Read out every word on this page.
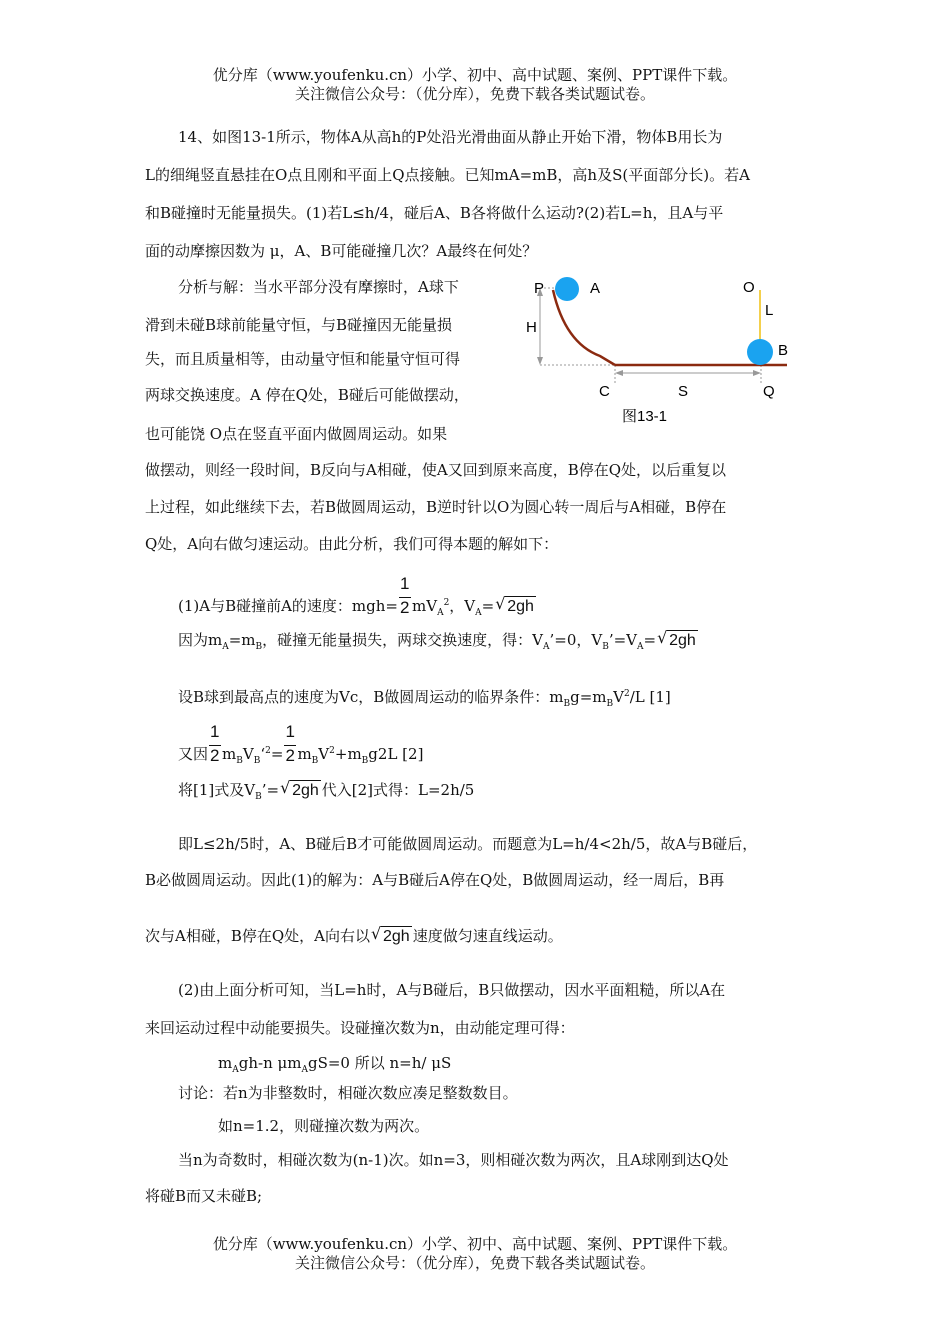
优分库（www.youfenku.cn）小学、初中、高中试题、案例、PPT课件下载。
关注微信公众号：（优分库），免费下载各类试题试卷。
14、如图13-1所示，物体A从高h的P处沿光滑曲面从静止开始下滑，物体B用长为
L的细绳竖直悬挂在O点且刚和平面上Q点接触。已知mA=mB，高h及S(平面部分长)。若A
和B碰撞时无能量损失。(1)若L≤h/4，碰后A、B各将做什么运动?(2)若L=h，且A与平
面的动摩擦因数为 μ，A、B可能碰撞几次？A最终在何处？
分析与解：当水平部分没有摩擦时，A球下
滑到未碰B球前能量守恒，与B碰撞因无能量损
失，而且质量相等，由动量守恒和能量守恒可得
两球交换速度。A 停在Q处，B碰后可能做摆动，
也可能饶 O点在竖直平面内做圆周运动。如果
做摆动，则经一段时间，B反向与A相碰，使A又回到原来高度，B停在Q处，以后重复以
上过程，如此继续下去，若B做圆周运动，B逆时针以O为圆心转一周后与A相碰，B停在
Q处，A向右做匀速运动。由此分析，我们可得本题的解如下：
P	A
H
O
L
B
C	S	Q
图13-1
(1)A与B碰撞前A的速度：$mgh= \frac{1}{2} mV_A^2$，$V_A=$ √ 2gh
因为$m_A=m_B$，碰撞无能量损失，两球交换速度，得：$V_A’=0$，$V_B’=V_A=$ √ 2gh
设B球到最高点的速度为Vc，B做圆周运动的临界条件：$m_Bg=m_BV^2/L$ [1]
又因 $\frac{1}{2}$ $m_BV_B‘^2= \frac{1}{2} m_BV^2+m_Bg2L$ [2]
将[1]式及$V_B’=$ √ 2gh 代入[2]式得：L=2h/5
即L≤2h/5时，A、B碰后B才可能做圆周运动。而题意为L=h/4<2h/5，故A与B碰后，
B必做圆周运动。因此(1)的解为：A与B碰后A停在Q处，B做圆周运动，经一周后，B再
次与A相碰，B停在Q处，A向右以 √ 2gh 速度做匀速直线运动。
(2)由上面分析可知，当L=h时，A与B碰后，B只做摆动，因水平面粗糙，所以A在
来回运动过程中动能要损失。设碰撞次数为n，由动能定理可得：
$m_Agh-n$ $\mu m_AgS=0$ 所以 n=h/ μS
讨论：若n为非整数时，相碰次数应凑足整数数目。
如n=1.2，则碰撞次数为两次。
当n为奇数时，相碰次数为(n-1)次。如n=3，则相碰次数为两次，且A球刚到达Q处
将碰B而又未碰B;
优分库（www.youfenku.cn）小学、初中、高中试题、案例、PPT课件下载。
关注微信公众号：（优分库），免费下载各类试题试卷。
